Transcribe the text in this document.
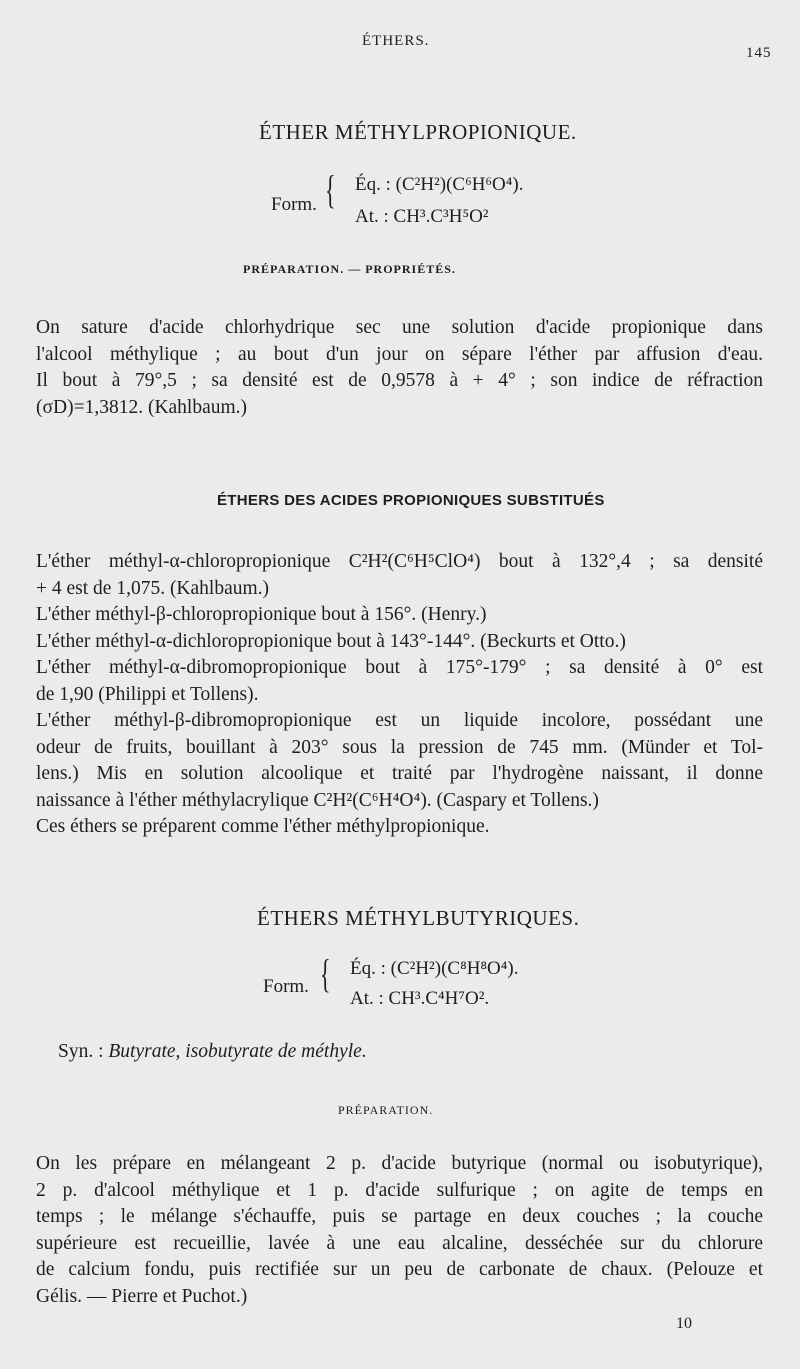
ÉTHERS.
145
ÉTHER MÉTHYLPROPIONIQUE.
Form. { Éq. : (C²H²)(C⁶H⁶O⁴).
At. : CH³.C³H⁵O²
PRÉPARATION. — PROPRIÉTÉS.
On sature d'acide chlorhydrique sec une solution d'acide propionique dans
l'alcool méthylique ; au bout d'un jour on sépare l'éther par affusion d'eau.
Il bout à 79°,5 ; sa densité est de 0,9578 à + 4° ; son indice de réfraction
(σD)=1,3812. (Kahlbaum.)
ÉTHERS DES ACIDES PROPIONIQUES SUBSTITUÉS
L'éther méthyl-α-chloropropionique C²H²(C⁶H⁵ClO⁴) bout à 132°,4 ; sa densité
+ 4 est de 1,075. (Kahlbaum.)
L'éther méthyl-β-chloropropionique bout à 156°. (Henry.)
L'éther méthyl-α-dichloropropionique bout à 143°-144°. (Beckurts et Otto.)
L'éther méthyl-α-dibromopropionique bout à 175°-179° ; sa densité à 0° est
de 1,90 (Philippi et Tollens).
L'éther méthyl-β-dibromopropionique est un liquide incolore, possédant une
odeur de fruits, bouillant à 203° sous la pression de 745 mm. (Münder et Tol-
lens.) Mis en solution alcoolique et traité par l'hydrogène naissant, il donne
naissance à l'éther méthylacrylique C²H²(C⁶H⁴O⁴). (Caspary et Tollens.)
Ces éthers se préparent comme l'éther méthylpropionique.
ÉTHERS MÉTHYLBUTYRIQUES.
Form. { Éq. : (C²H²)(C⁸H⁸O⁴).
At. : CH³.C⁴H⁷O².
Syn. : Butyrate, isobutyrate de méthyle.
PRÉPARATION.
On les prépare en mélangeant 2 p. d'acide butyrique (normal ou isobutyrique),
2 p. d'alcool méthylique et 1 p. d'acide sulfurique ; on agite de temps en
temps ; le mélange s'échauffe, puis se partage en deux couches ; la couche
supérieure est recueillie, lavée à une eau alcaline, desséchée sur du chlorure
de calcium fondu, puis rectifiée sur un peu de carbonate de chaux. (Pelouze et
Gélis. — Pierre et Puchot.)
10
